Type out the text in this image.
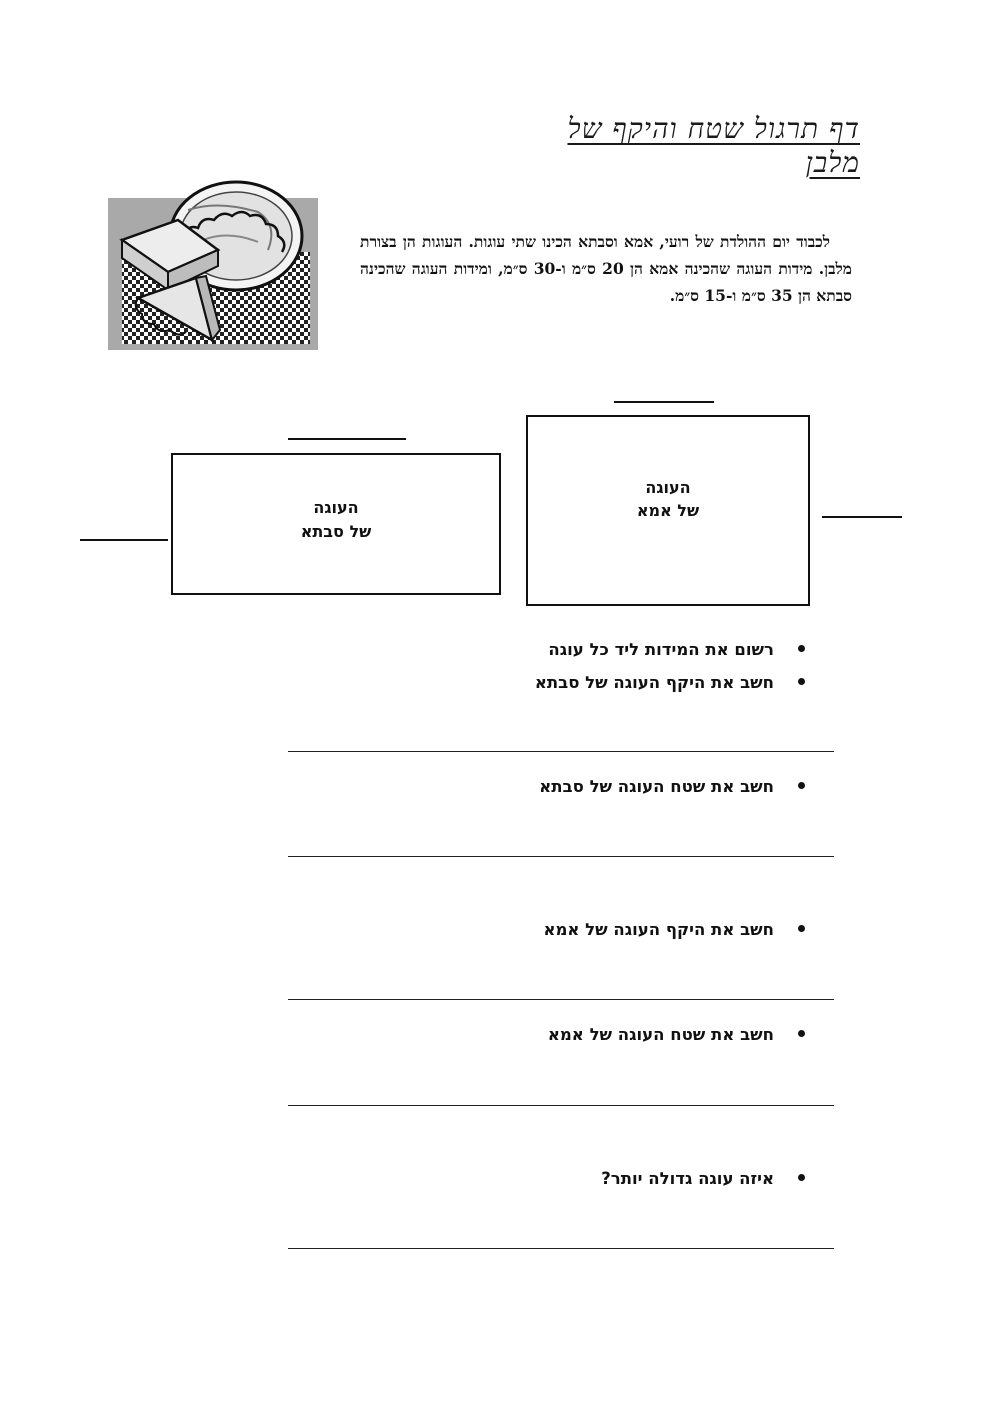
דף תרגול שטח והיקף של מלבן

לכבוד יום ההולדת של רועי, אמא וסבתא הכינו שתי עוגות. העוגות הן בצורת מלבן. מידות העוגה שהכינה אמא הן 20 ס״מ ו-30 ס״מ, ומידות העוגה שהכינה סבתא הן 35 ס״מ ו-15 ס״מ.

העוגה
של סבתא
העוגה
של אמא
רשום את המידות ליד כל עוגה
חשב את היקף העוגה של סבתא
חשב את שטח העוגה של סבתא
חשב את היקף העוגה של אמא
חשב את שטח העוגה של אמא
איזה עוגה גדולה יותר?
